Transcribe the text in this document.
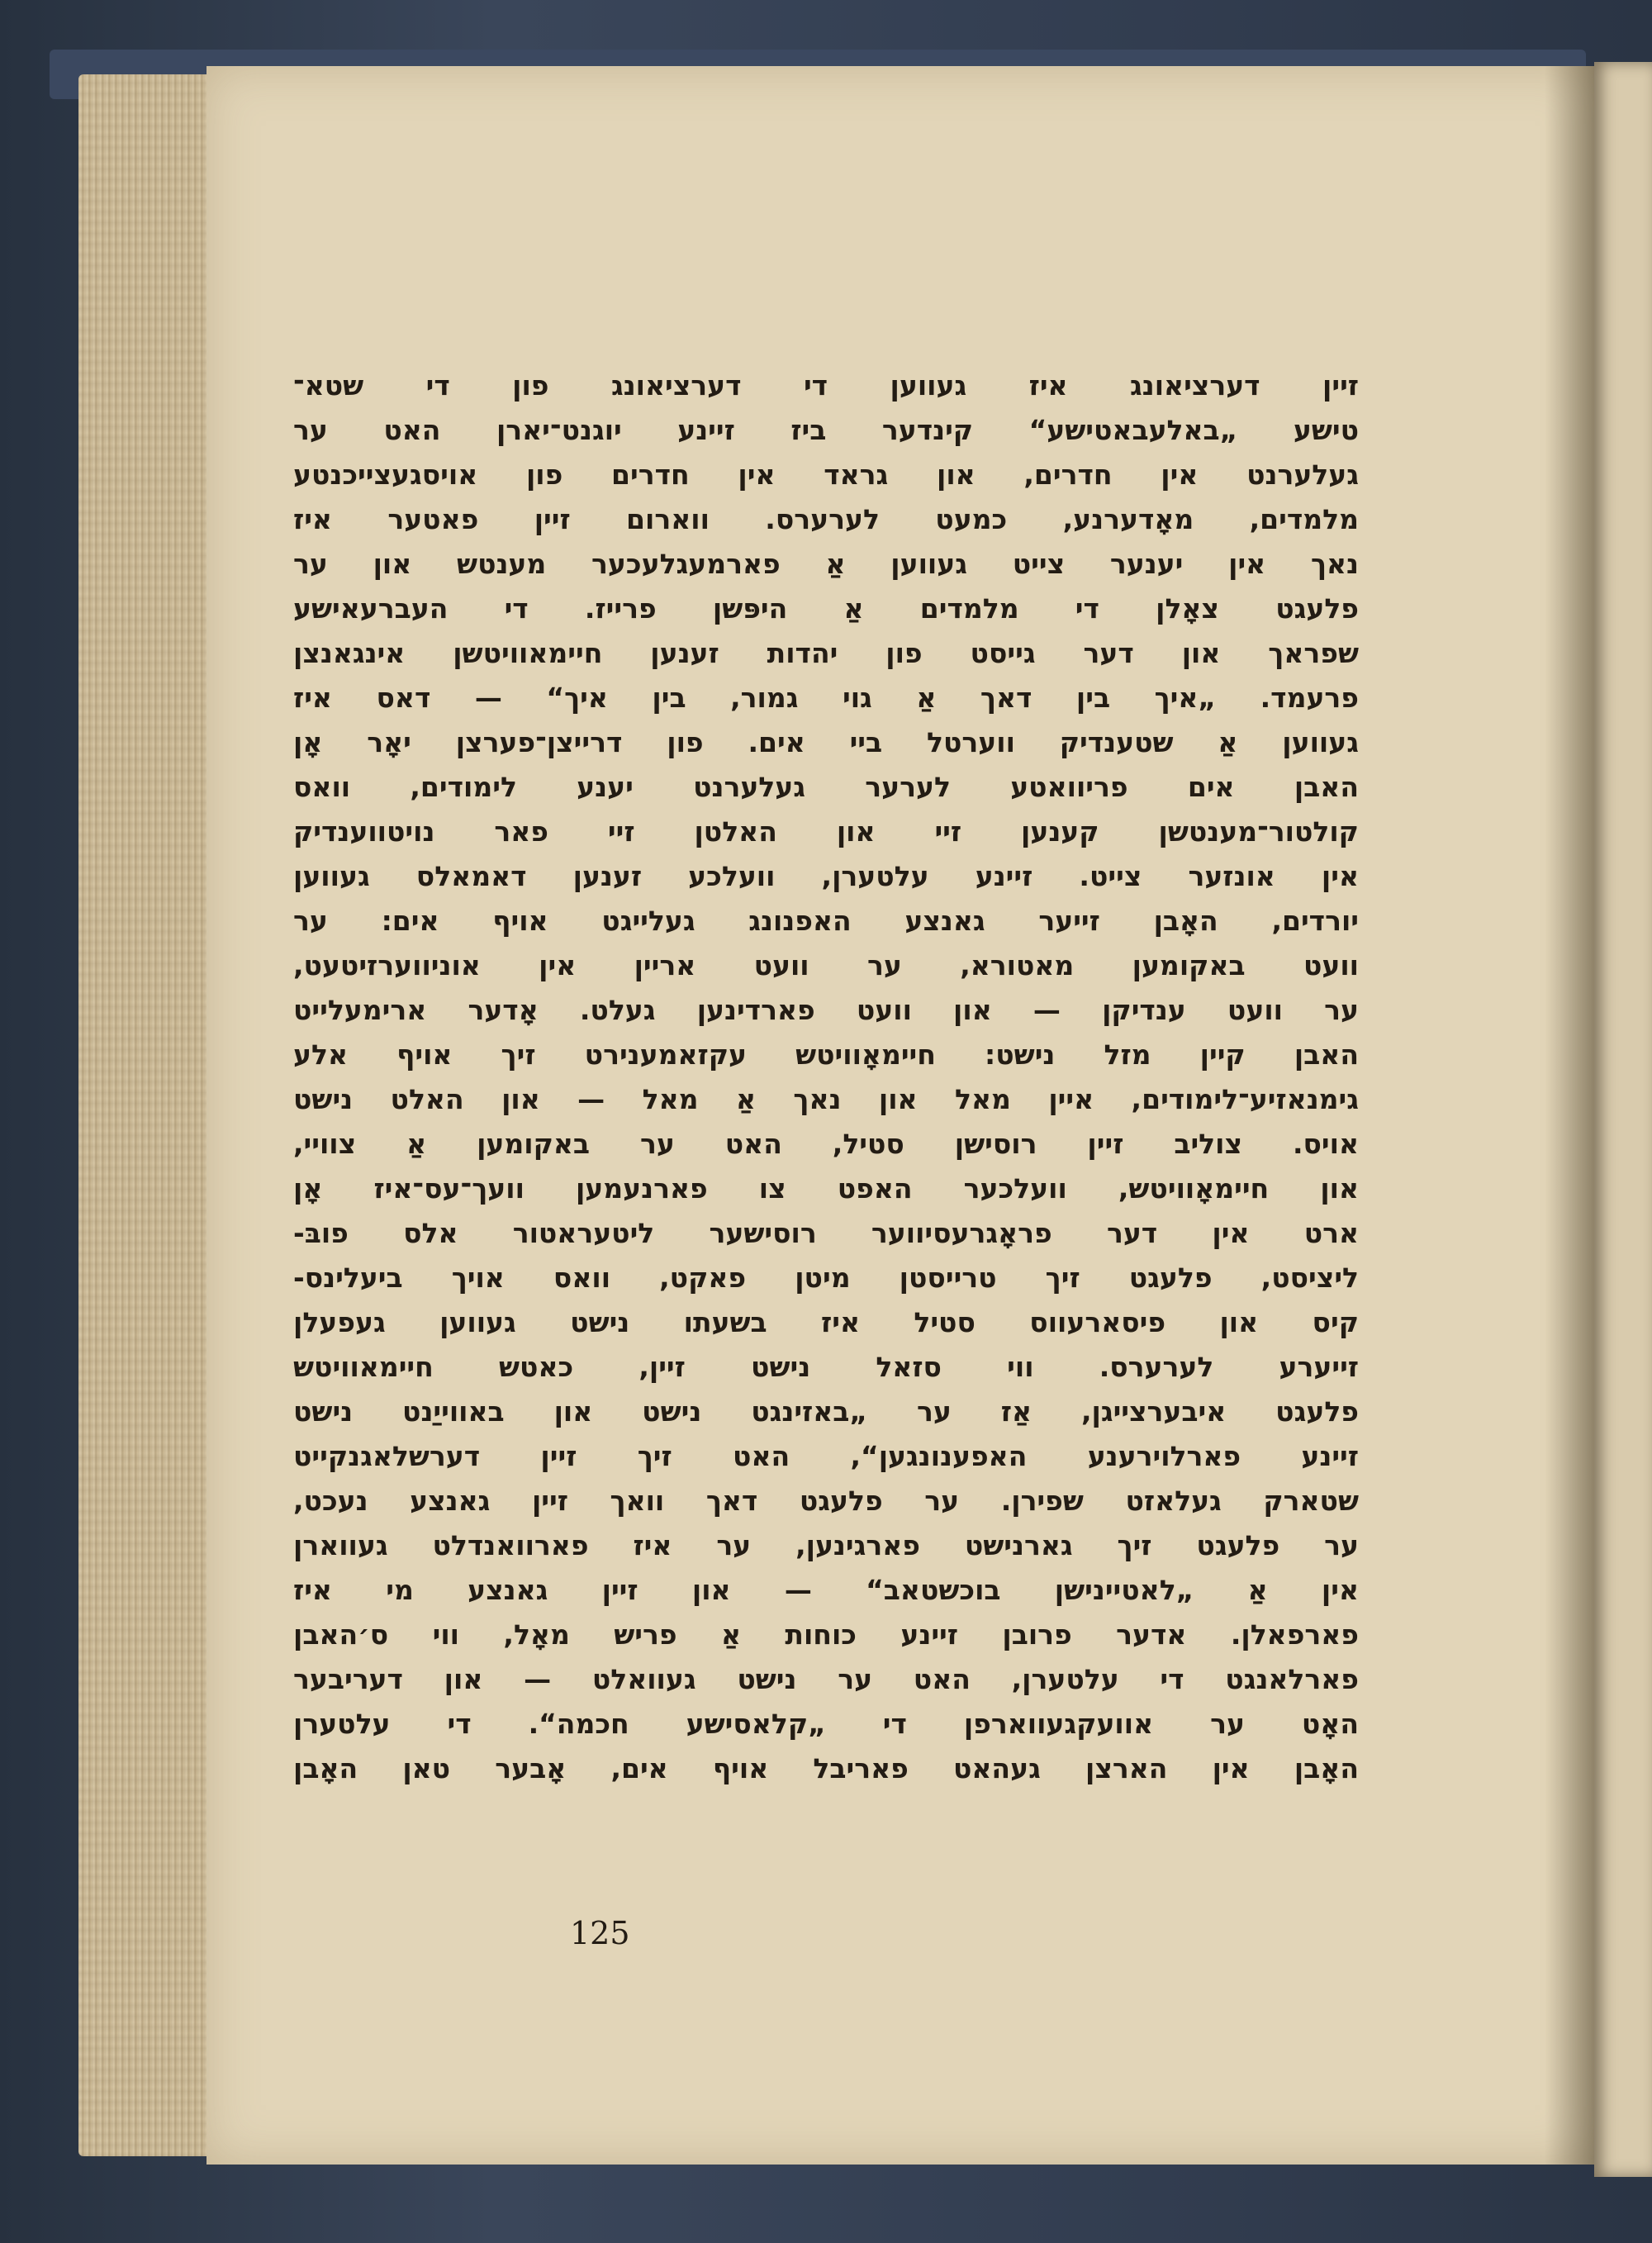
זיין דערציאונג איז געווען די דערציאונג פון די שטא־

טישע „באלעבאטישע“ קינדער ביז זיינע יוגנט־יארן האט ער

געלערנט אין חדרים, און גראד אין חדרים פון אויסגעצייכנטע

מלמדים, מאָדערנע, כמעט לערערס. ווארום זיין פאטער איז

נאך אין יענער צייט געווען אַ פארמעגלעכער מענטש און ער

פלעגט צאָלן די מלמדים אַ היפּשן פרייז. די העברעאישע

שפראך און דער גייסט פון יהדות זענען חיימאוויטשן אינגאנצן

פרעמד. „איך בין דאך אַ גוי גמור, בין איך“ — דאס איז

געווען אַ שטענדיק ווערטל ביי אים. פון דרייצן־פערצן יאָר אָן

האבן אים פריוואטע לערער געלערנט יענע לימודים, וואס

קולטור־מענטשן קענען זיי און האלטן זיי פאר נויטווענדיק

אין אונזער צייט. זיינע עלטערן, וועלכע זענען דאמאלס געווען

יורדים, האָבן זייער גאנצע האפנונג געלייגט אויף אים: ער

וועט באקומען מאטורא, ער וועט אריין אין אוניווערזיטעט,

ער וועט ענדיקן — און וועט פארדינען געלט. אָדער ארימעלייט

האבן קיין מזל נישט: חיימאָוויטש עקזאמענירט זיך אויף אלע

גימנאזיע־לימודים, איין מאל און נאך אַ מאל — און האלט נישט

אויס. צוליב זיין רוסישן סטיל, האט ער באקומען אַ צוויי,

און חיימאָוויטש, וועלכער האפט צו פארנעמען וועך־עס־איז אָן

ארט אין דער פראָגרעסיווער רוסישער ליטעראטור אלס פובּ-

ליציסט, פלעגט זיך טרייסטן מיטן פאקט, וואס אויך ביעלינס-

קיס און פיסארעווס סטיל איז בשעתו נישט געווען געפעלן

זייערע לערערס. ווי סזאל נישט זיין, כאטש חיימאוויטש

פלעגט איבערצייגן, אַז ער „באזינגט נישט און באווייַנט נישט

זיינע פארלוירענע האפענונגען“, האט זיך זיין דערשלאגנקייט

שטארק געלאזט שפירן. ער פלעגט דאך וואך זיין גאנצע נעכט,

ער פלעגט זיך גארנישט פארגינען, ער איז פארוואנדלט געווארן

אין אַ „לאטיינישן בוכשטאב“ — און זיין גאנצע מי איז

פארפאלן. אדער פרובן זיינע כוחות אַ פריש מאָל, ווי ס׳האבן

פארלאנגט די עלטערן, האט ער נישט געוואלט — און דעריבער

האָט ער אוועקגעווארפן די „קלאסישע חכמה“. די עלטערן

האָבן אין הארצן געהאט פאריבל אויף אים, אָבער טאן האָבן

125
